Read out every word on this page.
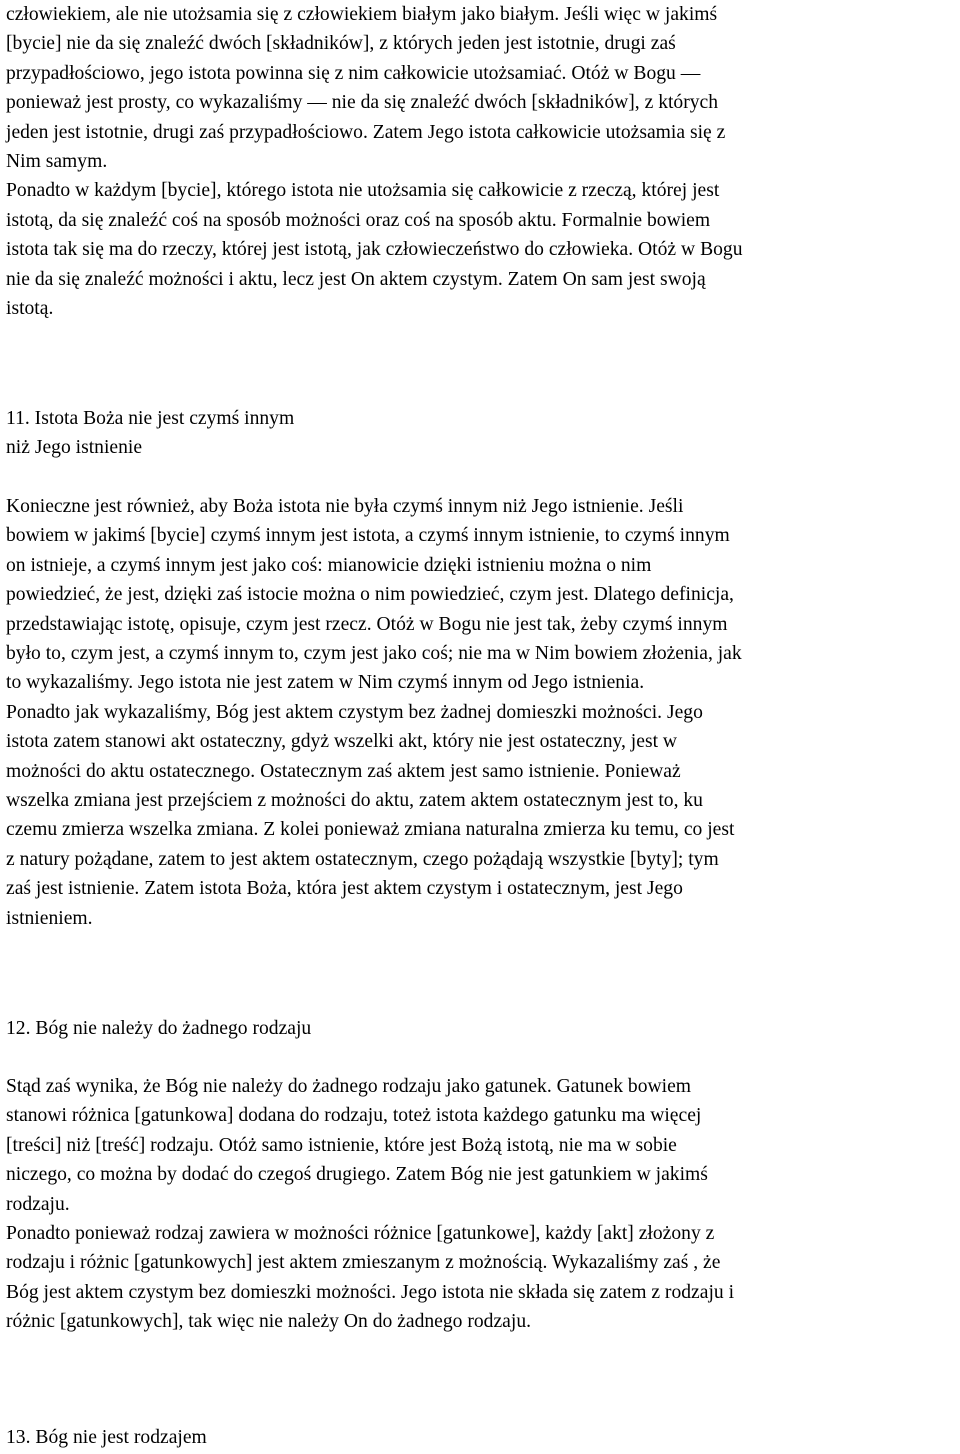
człowiekiem, ale nie utożsamia się z człowiekiem białym jako białym. Jeśli więc w jakimś
[bycie] nie da się znaleźć dwóch [składników], z których jeden jest istotnie, drugi zaś
przypadłościowo, jego istota powinna się z nim całkowicie utożsamiać. Otóż w Bogu ―
ponieważ jest prosty, co wykazaliśmy ― nie da się znaleźć dwóch [składników], z których
jeden jest istotnie, drugi zaś przypadłościowo. Zatem Jego istota całkowicie utożsamia się z
Nim samym.
Ponadto w każdym [bycie], którego istota nie utożsamia się całkowicie z rzeczą, której jest
istotą, da się znaleźć coś na sposób możności oraz coś na sposób aktu. Formalnie bowiem
istota tak się ma do rzeczy, której jest istotą, jak człowieczeństwo do człowieka. Otóż w Bogu
nie da się znaleźć możności i aktu, lecz jest On aktem czystym. Zatem On sam jest swoją
istotą.
11. Istota Boża nie jest czymś innym
niż Jego istnienie
Konieczne jest również, aby Boża istota nie była czymś innym niż Jego istnienie. Jeśli
bowiem w jakimś [bycie] czymś innym jest istota, a czymś innym istnienie, to czymś innym
on istnieje, a czymś innym jest jako coś: mianowicie dzięki istnieniu można o nim
powiedzieć, że jest, dzięki zaś istocie można o nim powiedzieć, czym jest. Dlatego definicja,
przedstawiając istotę, opisuje, czym jest rzecz. Otóż w Bogu nie jest tak, żeby czymś innym
było to, czym jest, a czymś innym to, czym jest jako coś; nie ma w Nim bowiem złożenia, jak
to wykazaliśmy. Jego istota nie jest zatem w Nim czymś innym od Jego istnienia.
Ponadto jak wykazaliśmy, Bóg jest aktem czystym bez żadnej domieszki możności. Jego
istota zatem stanowi akt ostateczny, gdyż wszelki akt, który nie jest ostateczny, jest w
możności do aktu ostatecznego. Ostatecznym zaś aktem jest samo istnienie. Ponieważ
wszelka zmiana jest przejściem z możności do aktu, zatem aktem ostatecznym jest to, ku
czemu zmierza wszelka zmiana. Z kolei ponieważ zmiana naturalna zmierza ku temu, co jest
z natury pożądane, zatem to jest aktem ostatecznym, czego pożądają wszystkie [byty]; tym
zaś jest istnienie. Zatem istota Boża, która jest aktem czystym i ostatecznym, jest Jego
istnieniem.
12. Bóg nie należy do żadnego rodzaju
Stąd zaś wynika, że Bóg nie należy do żadnego rodzaju jako gatunek. Gatunek bowiem
stanowi różnica [gatunkowa] dodana do rodzaju, toteż istota każdego gatunku ma więcej
[treści] niż [treść] rodzaju. Otóż samo istnienie, które jest Bożą istotą, nie ma w sobie
niczego, co można by dodać do czegoś drugiego. Zatem Bóg nie jest gatunkiem w jakimś
rodzaju.
Ponadto ponieważ rodzaj zawiera w możności różnice [gatunkowe], każdy [akt] złożony z
rodzaju i różnic [gatunkowych] jest aktem zmieszanym z możnością. Wykazaliśmy zaś , że
Bóg jest aktem czystym bez domieszki możności. Jego istota nie składa się zatem z rodzaju i
różnic [gatunkowych], tak więc nie należy On do żadnego rodzaju.
13. Bóg nie jest rodzajem
